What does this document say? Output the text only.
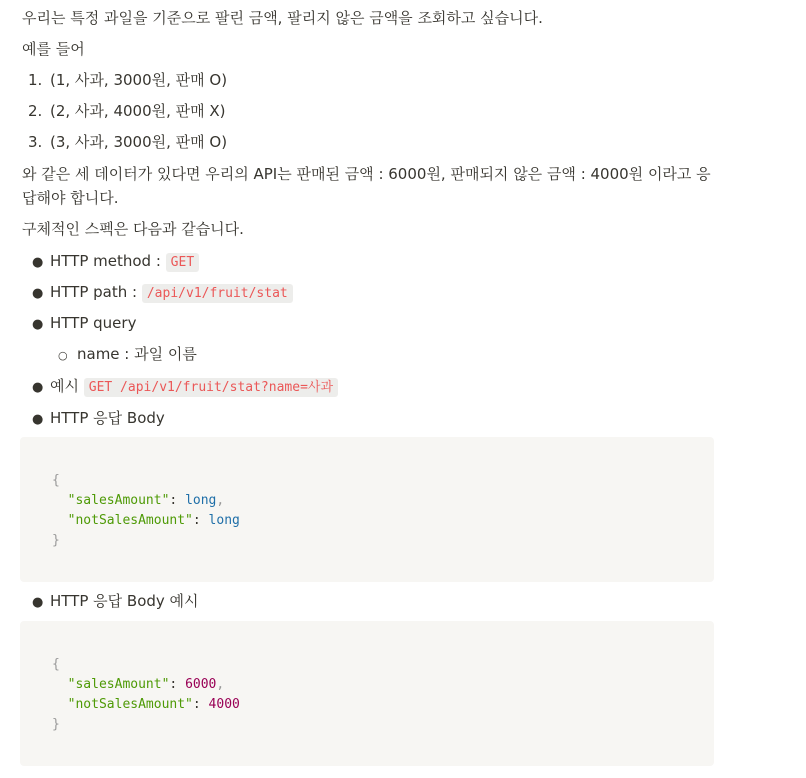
우리는 특정 과일을 기준으로 팔린 금액, 팔리지 않은 금액을 조회하고 싶습니다.
예를 들어
1. (1, 사과, 3000원, 판매 O)
2. (2, 사과, 4000원, 판매 X)
3. (3, 사과, 3000원, 판매 O)
와 같은 세 데이터가 있다면 우리의 API는 판매된 금액 : 6000원, 판매되지 않은 금액 : 4000원 이라고 응답해야 합니다.
구체적인 스펙은 다음과 같습니다.
● HTTP method : GET
● HTTP path : /api/v1/fruit/stat
● HTTP query
○ name : 과일 이름
● 예시 GET /api/v1/fruit/stat?name=사과
● HTTP 응답 Body
{
"salesAmount": long,
"notSalesAmount": long
}
● HTTP 응답 Body 예시
{
"salesAmount": 6000,
"notSalesAmount": 4000
}
